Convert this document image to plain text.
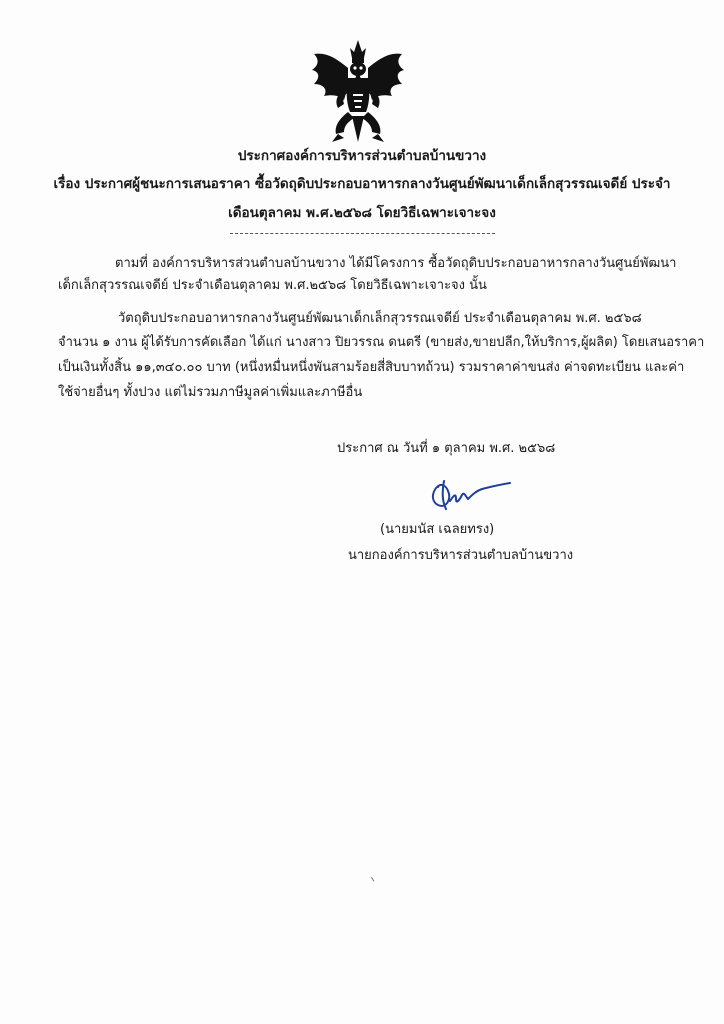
ประกาศองค์การบริหารส่วนตำบลบ้านขวาง
เรื่อง ประกาศผู้ชนะการเสนอราคา ซื้อวัดถุดิบประกอบอาหารกลางวันศูนย์พัฒนาเด็กเล็กสุวรรณเจดีย์ ประจำ
เดือนตุลาคม พ.ศ.๒๕๖๘ โดยวิธีเฉพาะเจาะจง
ตามที่ องค์การบริหารส่วนตำบลบ้านขวาง ได้มีโครงการ ซื้อวัดถุดิบประกอบอาหารกลางวันศูนย์พัฒนา
เด็กเล็กสุวรรณเจดีย์ ประจำเดือนตุลาคม พ.ศ.๒๕๖๘ โดยวิธีเฉพาะเจาะจง นั้น
วัตถุดิบประกอบอาหารกลางวันศูนย์พัฒนาเด็กเล็กสุวรรณเจดีย์ ประจำเดือนตุลาคม พ.ศ. ๒๕๖๘
จำนวน ๑ งาน ผู้ได้รับการคัดเลือก ได้แก่ นางสาว ปิยวรรณ ดนตรี (ขายส่ง,ขายปลีก,ให้บริการ,ผู้ผลิต) โดยเสนอราคา
เป็นเงินทั้งสิ้น ๑๑,๓๔๐.๐๐ บาท (หนึ่งหมื่นหนึ่งพันสามร้อยสี่สิบบาทถ้วน) รวมราคาค่าขนส่ง ค่าจดทะเบียน และค่า
ใช้จ่ายอื่นๆ ทั้งปวง แต่ไม่รวมภาษีมูลค่าเพิ่มและภาษีอื่น
ประกาศ ณ วันที่ ๑ ตุลาคม พ.ศ. ๒๕๖๘
(นายมนัส เฉลยทรง)
นายกองค์การบริหารส่วนตำบลบ้านขวาง
